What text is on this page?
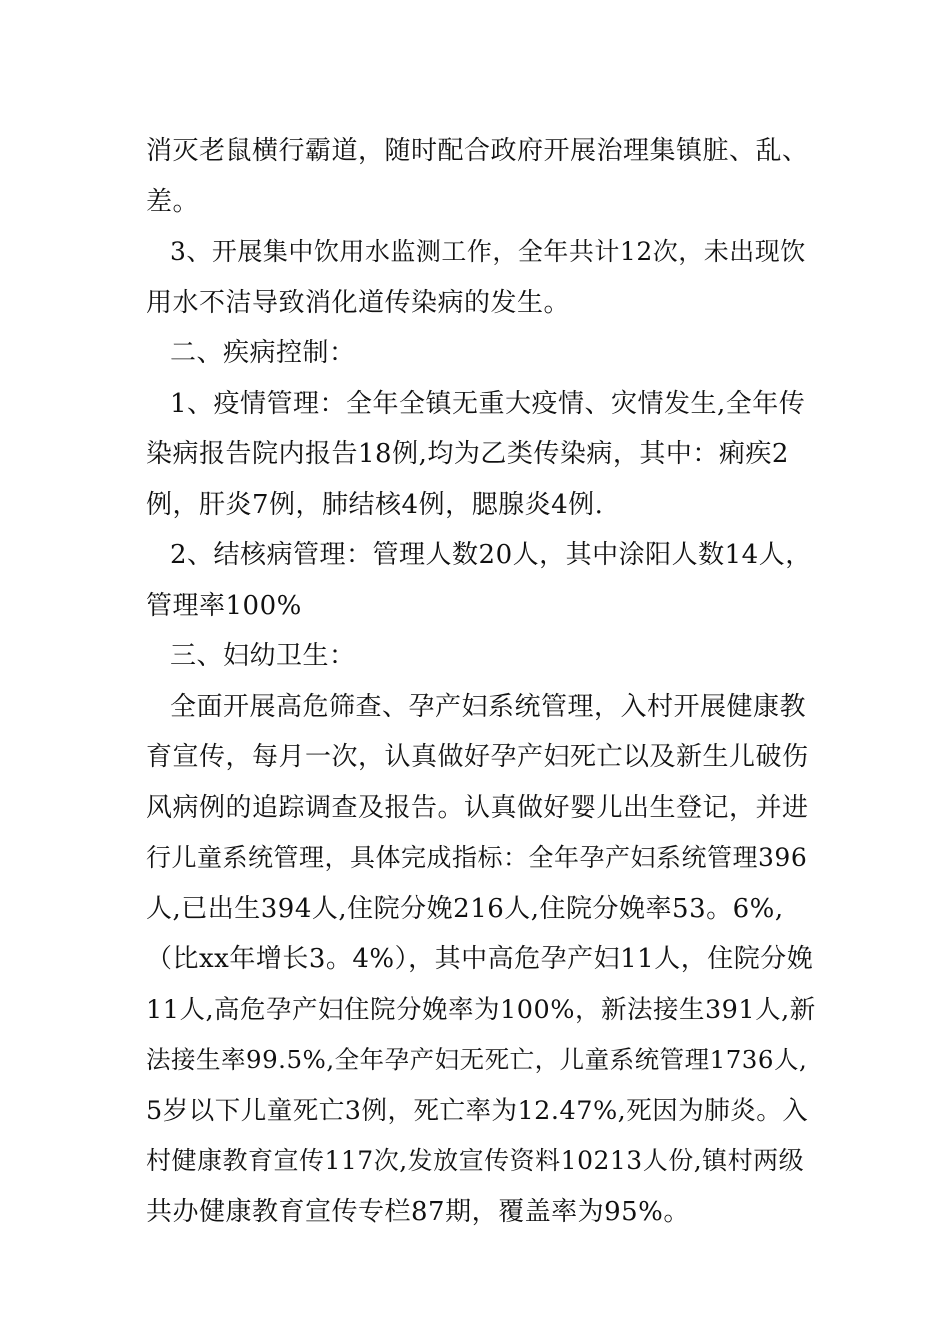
消灭老鼠横行霸道，随时配合政府开展治理集镇脏、乱、
差。
3、开展集中饮用水监测工作，全年共计12次，未出现饮
用水不洁导致消化道传染病的发生。
二、疾病控制：
1、疫情管理：全年全镇无重大疫情、灾情发生,全年传
染病报告院内报告18例,均为乙类传染病，其中：痢疾2
例，肝炎7例，肺结核4例，腮腺炎4例.
2、结核病管理：管理人数20人，其中涂阳人数14人，
管理率100%
三、妇幼卫生：
全面开展高危筛查、孕产妇系统管理，入村开展健康教
育宣传，每月一次，认真做好孕产妇死亡以及新生儿破伤
风病例的追踪调查及报告。认真做好婴儿出生登记，并进
行儿童系统管理，具体完成指标：全年孕产妇系统管理396
人,已出生394人,住院分娩216人,住院分娩率53。6%,
（比xx年增长3。4%），其中高危孕产妇11人，住院分娩
11人,高危孕产妇住院分娩率为100%，新法接生391人,新
法接生率99.5%,全年孕产妇无死亡，儿童系统管理1736人,
5岁以下儿童死亡3例，死亡率为12.47%,死因为肺炎。入
村健康教育宣传117次,发放宣传资料10213人份,镇村两级
共办健康教育宣传专栏87期，覆盖率为95%。
